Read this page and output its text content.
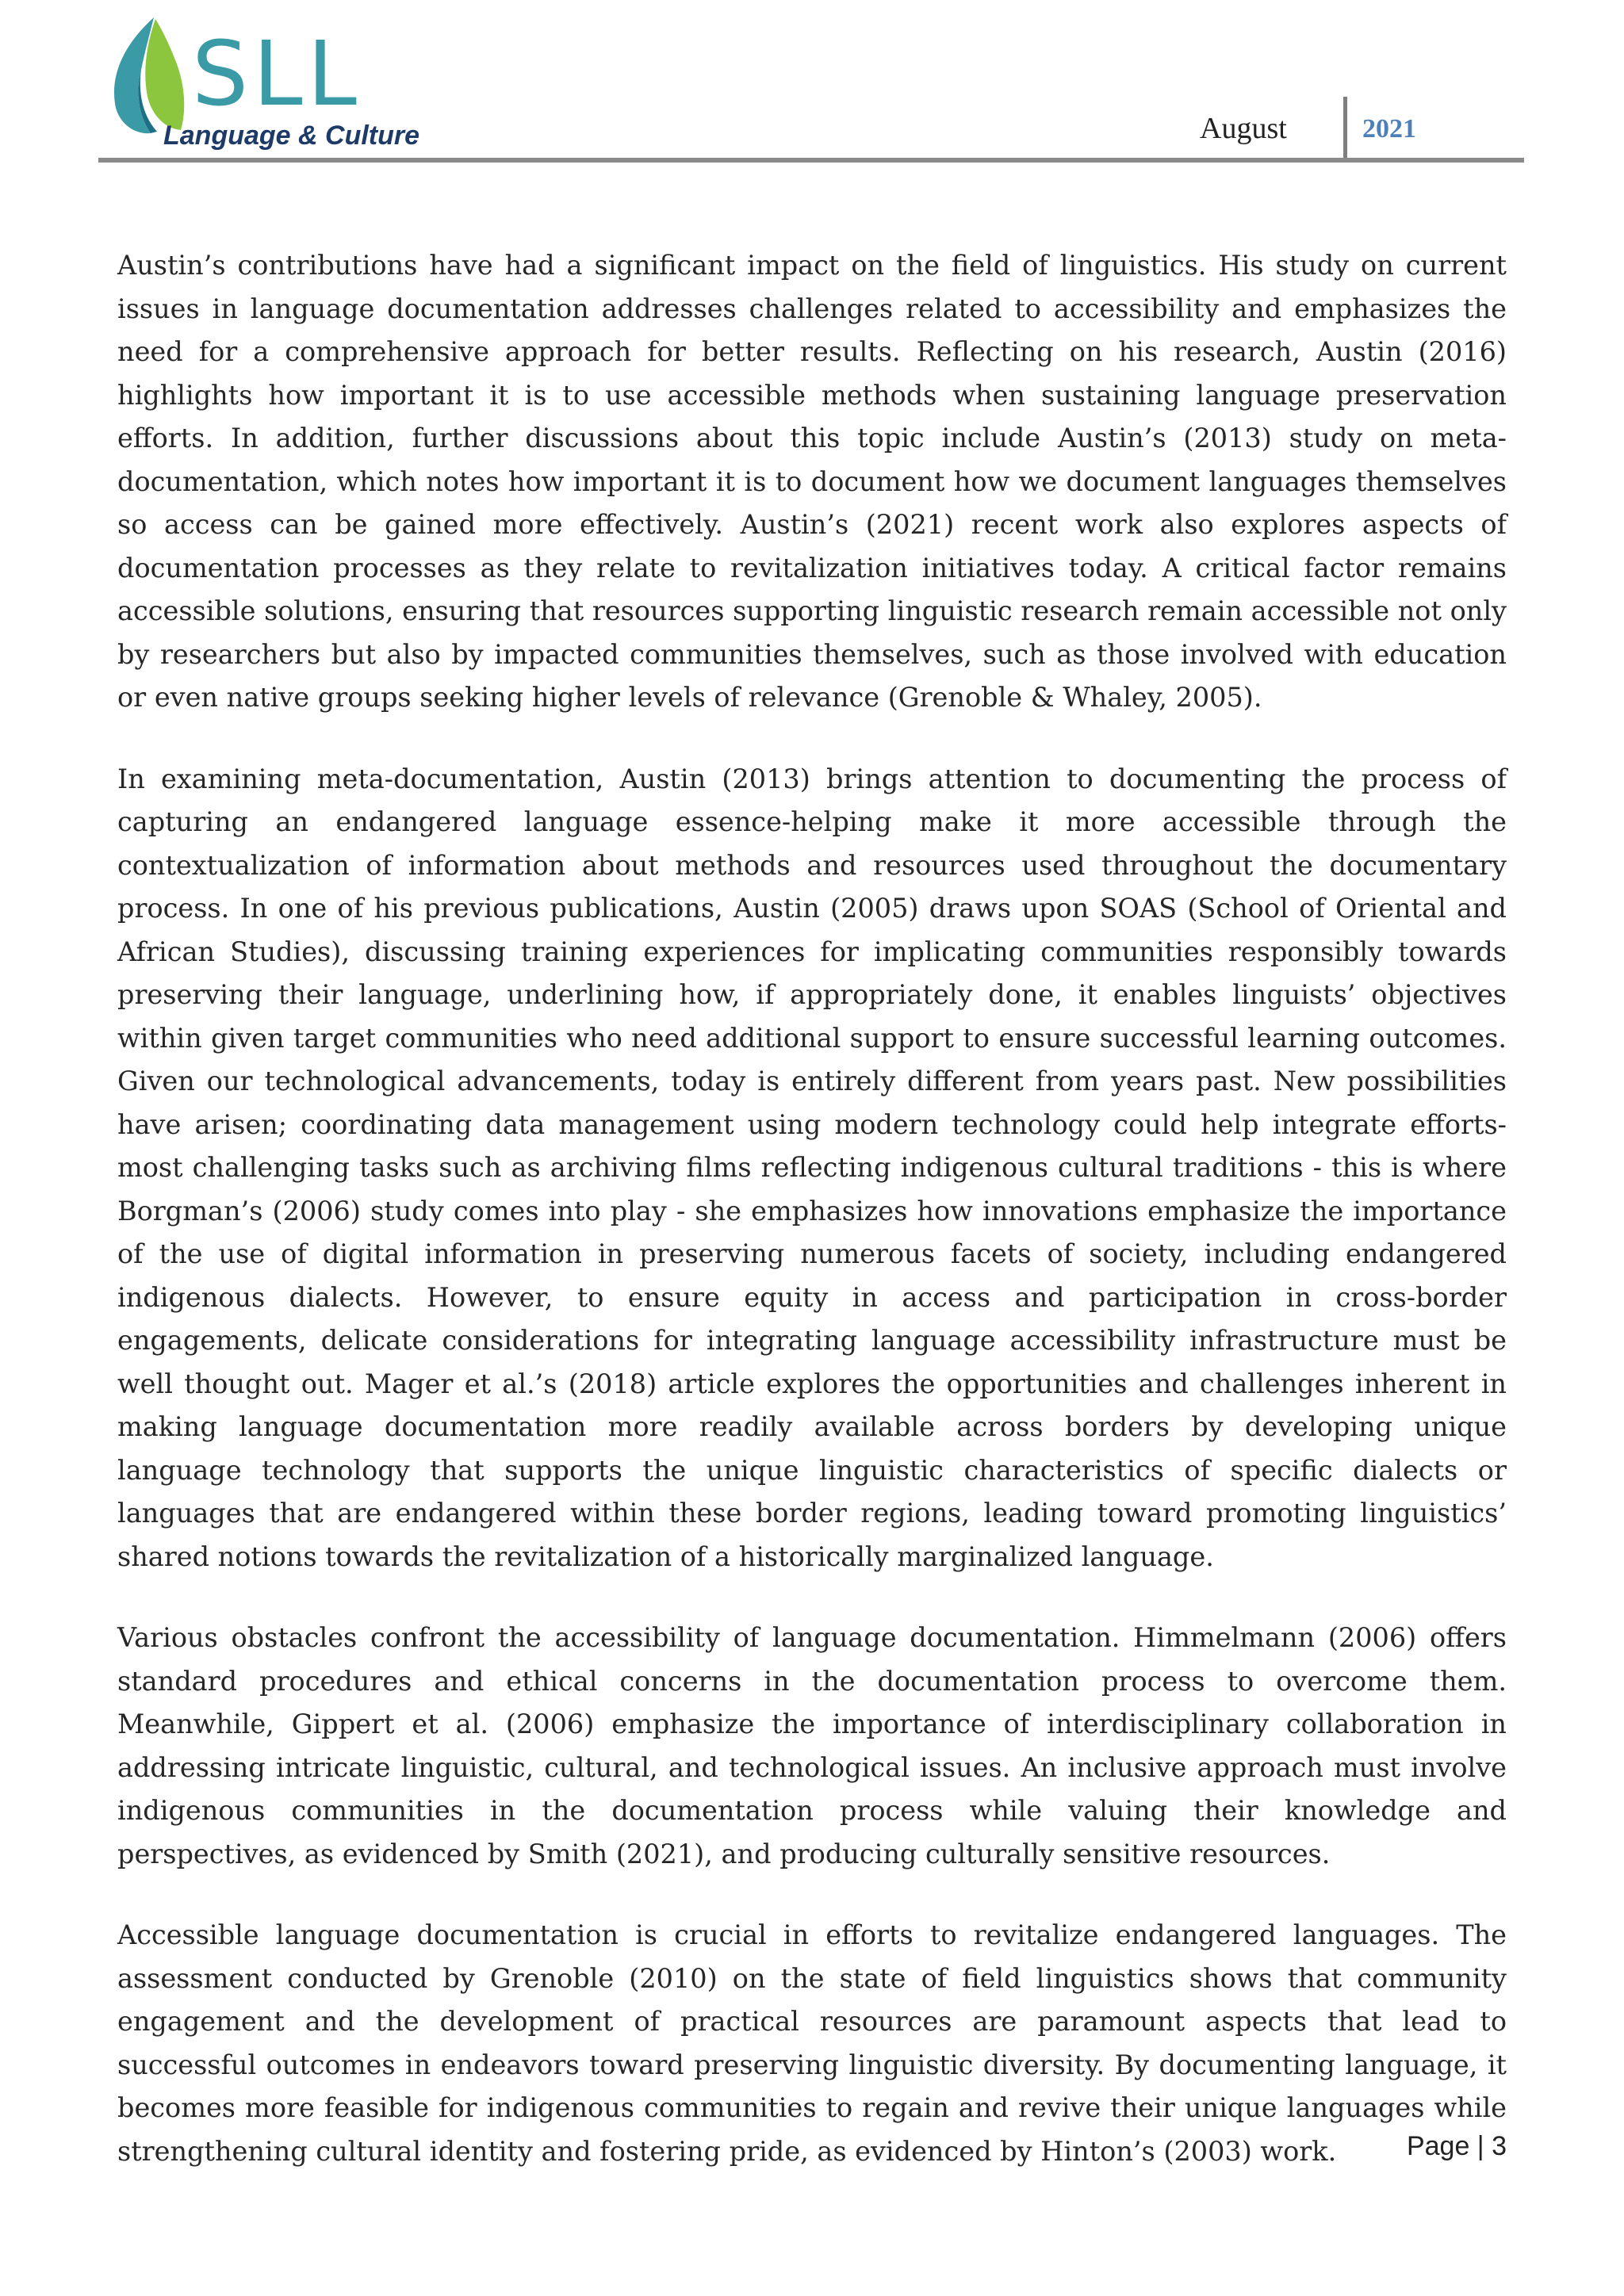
SLL
Language & Culture	August	2021

Austin’s contributions have had a significant impact on the field of linguistics. His study on current issues in language documentation addresses challenges related to accessibility and emphasizes the need for a comprehensive approach for better results. Reflecting on his research, Austin (2016) highlights how important it is to use accessible methods when sustaining language preservation efforts. In addition, further discussions about this topic include Austin’s (2013) study on meta-documentation, which notes how important it is to document how we document languages themselves so access can be gained more effectively. Austin’s (2021) recent work also explores aspects of documentation processes as they relate to revitalization initiatives today. A critical factor remains accessible solutions, ensuring that resources supporting linguistic research remain accessible not only by researchers but also by impacted communities themselves, such as those involved with education or even native groups seeking higher levels of relevance (Grenoble & Whaley, 2005).

In examining meta-documentation, Austin (2013) brings attention to documenting the process of capturing an endangered language essence-helping make it more accessible through the contextualization of information about methods and resources used throughout the documentary process. In one of his previous publications, Austin (2005) draws upon SOAS (School of Oriental and African Studies), discussing training experiences for implicating communities responsibly towards preserving their language, underlining how, if appropriately done, it enables linguists’ objectives within given target communities who need additional support to ensure successful learning outcomes. Given our technological advancements, today is entirely different from years past. New possibilities have arisen; coordinating data management using modern technology could help integrate efforts-most challenging tasks such as archiving films reflecting indigenous cultural traditions - this is where Borgman’s (2006) study comes into play - she emphasizes how innovations emphasize the importance of the use of digital information in preserving numerous facets of society, including endangered indigenous dialects. However, to ensure equity in access and participation in cross-border engagements, delicate considerations for integrating language accessibility infrastructure must be well thought out. Mager et al.’s (2018) article explores the opportunities and challenges inherent in making language documentation more readily available across borders by developing unique language technology that supports the unique linguistic characteristics of specific dialects or languages that are endangered within these border regions, leading toward promoting linguistics’ shared notions towards the revitalization of a historically marginalized language.

Various obstacles confront the accessibility of language documentation. Himmelmann (2006) offers standard procedures and ethical concerns in the documentation process to overcome them. Meanwhile, Gippert et al. (2006) emphasize the importance of interdisciplinary collaboration in addressing intricate linguistic, cultural, and technological issues. An inclusive approach must involve indigenous communities in the documentation process while valuing their knowledge and perspectives, as evidenced by Smith (2021), and producing culturally sensitive resources.

Accessible language documentation is crucial in efforts to revitalize endangered languages. The assessment conducted by Grenoble (2010) on the state of field linguistics shows that community engagement and the development of practical resources are paramount aspects that lead to successful outcomes in endeavors toward preserving linguistic diversity. By documenting language, it becomes more feasible for indigenous communities to regain and revive their unique languages while strengthening cultural identity and fostering pride, as evidenced by Hinton’s (2003) work.	Page | 3
